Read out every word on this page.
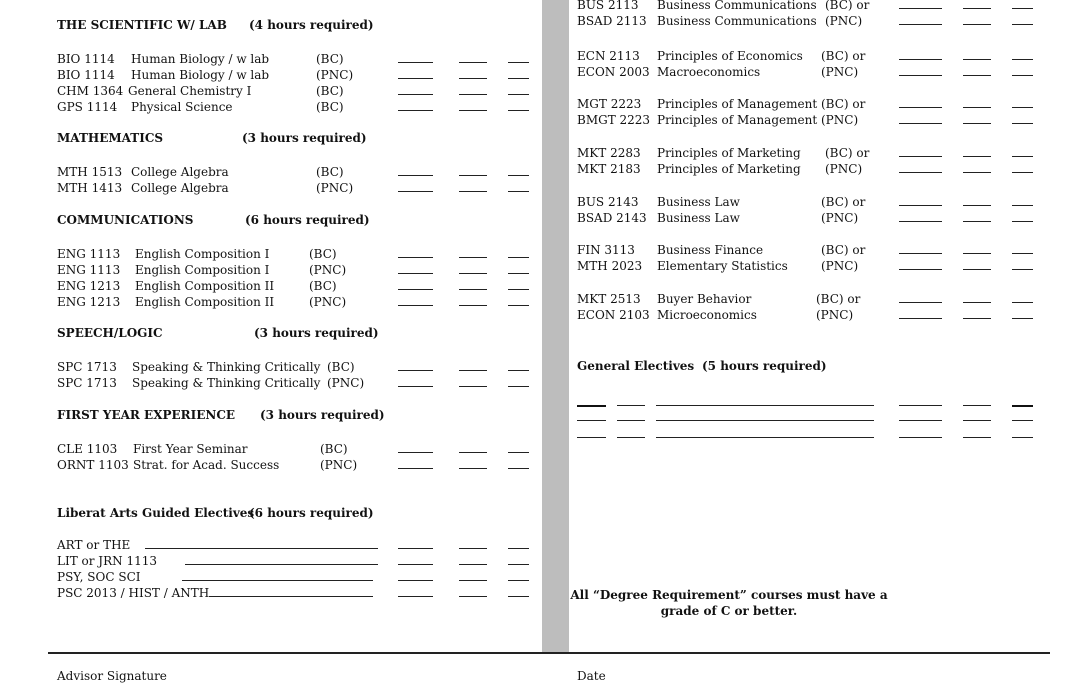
THE SCIENTIFIC W/ LAB (4 hours required)
BIO 1114 Human Biology / w lab	(BC)
BIO 1114 Human Biology / w lab	(PNC)
CHM 1364 General Chemistry I	(BC)
GPS 1114 Physical Science	(BC)
MATHEMATICS	(3 hours required)
MTH 1513 College Algebra	(BC)
MTH 1413 College Algebra	(PNC)
COMMUNICATIONS	(6 hours required)
ENG 1113 English Composition I	(BC)
ENG 1113 English Composition I	(PNC)
ENG 1213 English Composition II	(BC)
ENG 1213 English Composition II	(PNC)
SPEECH/LOGIC	(3 hours required)
SPC 1713 Speaking & Thinking Critically (BC)
SPC 1713 Speaking & Thinking Critically (PNC)
FIRST YEAR EXPERIENCE (3 hours required)
CLE 1103 First Year Seminar	(BC)
ORNT 1103 Strat. for Acad. Success	(PNC)
Liberat Arts Guided Electives
(6 hours required)
ART or THE
LIT or JRN 1113
PSY, SOC SCI
PSC 2013 / HIST / ANTH
BUS 2113 Business Communications (BC) or
BSAD 2113 Business Communications (PNC)
ECN 2113 Principles of Economics (BC) or
ECON 2003 Macroeconomics	(PNC)
MGT 2223 Principles of Management (BC) or
BMGT 2223 Principles of Management (PNC)
MKT 2283 Principles of Marketing (BC) or
MKT 2183 Principles of Marketing (PNC)
BUS 2143 Business Law	(BC) or
BSAD 2143 Business Law	(PNC)
FIN 3113 Business Finance	(BC) or
MTH 2023 Elementary Statistics	(PNC)
MKT 2513 Buyer Behavior	(BC) or
ECON 2103 Microeconomics	(PNC)
General Electives (5 hours required)
All “Degree Requirement” courses must have a
grade of C or better.
Advisor Signature	Date
